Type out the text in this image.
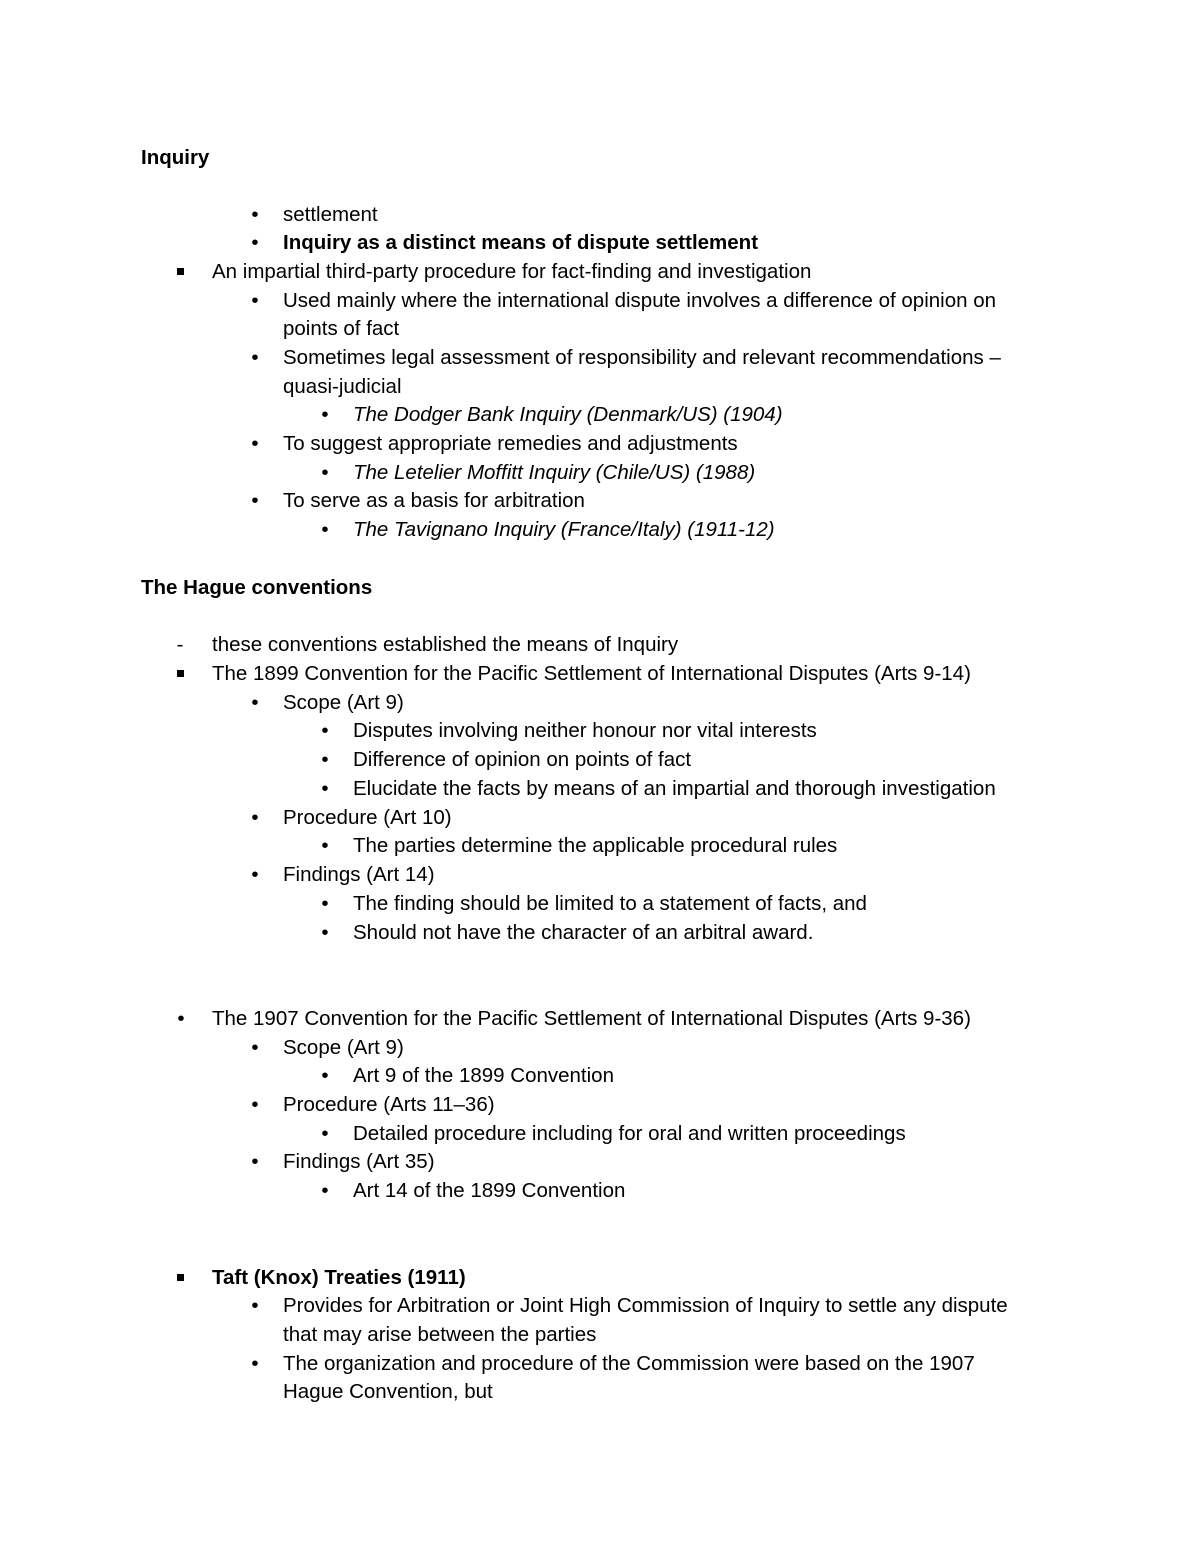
Inquiry
•	settlement
•	Inquiry as a distinct means of dispute settlement
An impartial third-party procedure for fact-finding and investigation
•	Used mainly where the international dispute involves a difference of opinion on
points of fact
•	Sometimes legal assessment of responsibility and relevant recommendations –
quasi-judicial
•	The Dodger Bank Inquiry (Denmark/US) (1904)
•	To suggest appropriate remedies and adjustments
•	The Letelier Moffitt Inquiry (Chile/US) (1988)
•	To serve as a basis for arbitration
•	The Tavignano Inquiry (France/Italy) (1911-12)
The Hague conventions
-	these conventions established the means of Inquiry
The 1899 Convention for the Pacific Settlement of International Disputes (Arts 9-14)
•	Scope (Art 9)
•	Disputes involving neither honour nor vital interests
•	Difference of opinion on points of fact
•	Elucidate the facts by means of an impartial and thorough investigation
•	Procedure (Art 10)
•	The parties determine the applicable procedural rules
•	Findings (Art 14)
•	The finding should be limited to a statement of facts, and
•	Should not have the character of an arbitral award.
•	The 1907 Convention for the Pacific Settlement of International Disputes (Arts 9-36)
•	Scope (Art 9)
•	Art 9 of the 1899 Convention
•	Procedure (Arts 11–36)
•	Detailed procedure including for oral and written proceedings
•	Findings (Art 35)
•	Art 14 of the 1899 Convention
Taft (Knox) Treaties (1911)
•	Provides for Arbitration or Joint High Commission of Inquiry to settle any dispute
that may arise between the parties
•	The organization and procedure of the Commission were based on the 1907
Hague Convention, but
